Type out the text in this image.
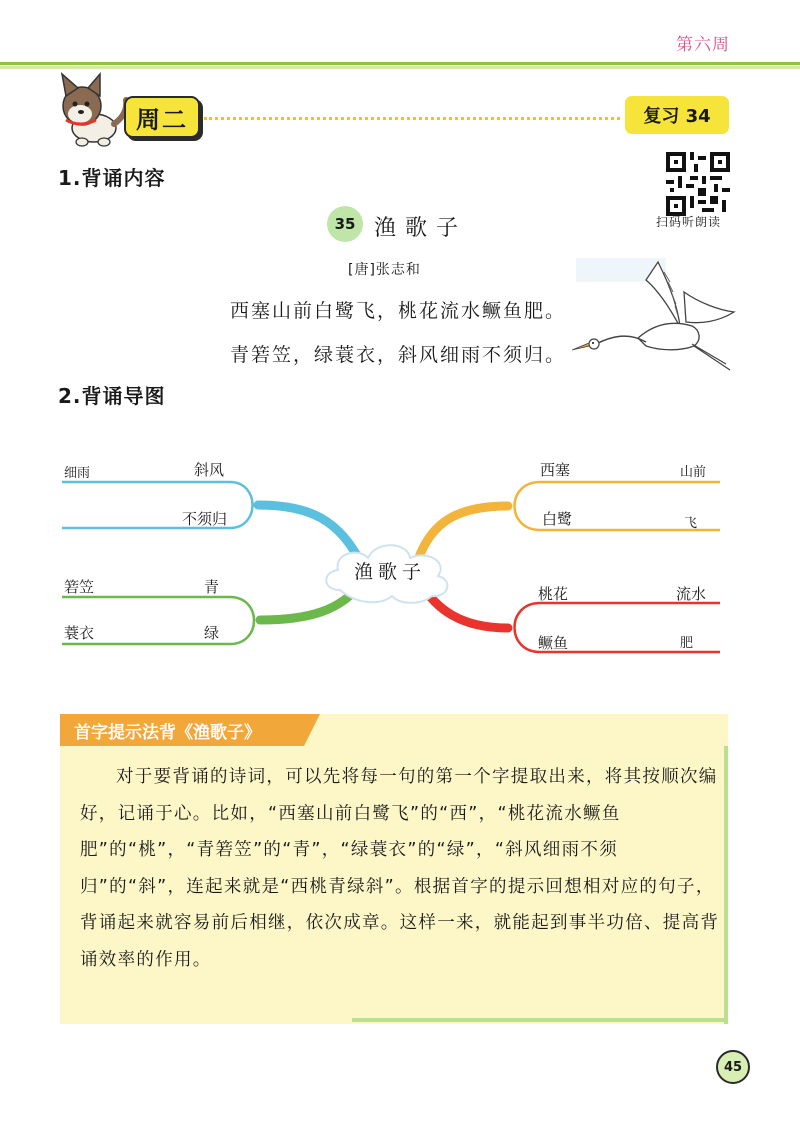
第六周
周二	复习 34
1.背诵内容
扫码听朗读
35 渔歌子
[唐]张志和
西塞山前白鹭飞，桃花流水鳜鱼肥。
青箬笠，绿蓑衣，斜风细雨不须归。
2.背诵导图
渔歌子
细雨	斜风
不须归
箬笠	青
蓑衣	绿
西塞	山前
白鹭	飞
桃花	流水
鳜鱼	肥
首字提示法背《渔歌子》
对于要背诵的诗词，可以先将每一句的第一个字提取出来，将其按顺次编好，记诵于心。比如，“西塞山前白鹭飞”的“西”，“桃花流水鳜鱼肥”的“桃”，“青箬笠”的“青”，“绿蓑衣”的“绿”，“斜风细雨不须归”的“斜”，连起来就是“西桃青绿斜”。根据首字的提示回想相对应的句子，背诵起来就容易前后相继，依次成章。这样一来，就能起到事半功倍、提高背诵效率的作用。
45
